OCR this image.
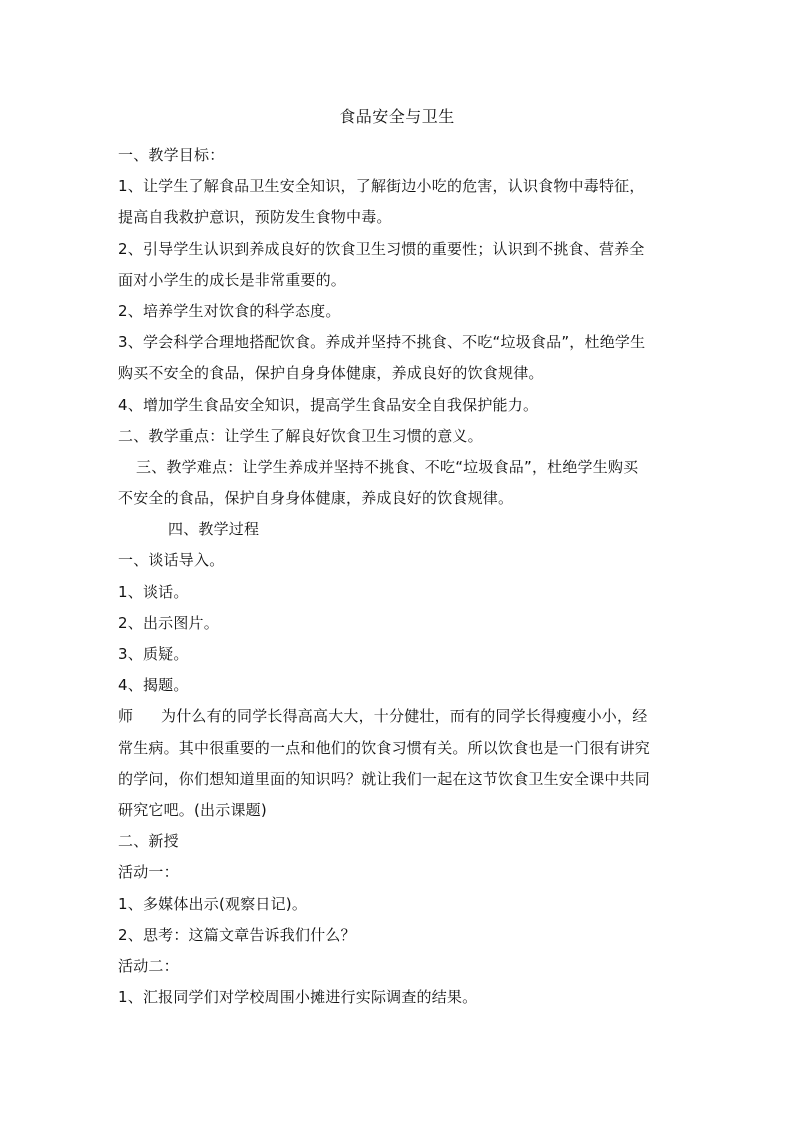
食品安全与卫生
一、教学目标：
1、让学生了解食品卫生安全知识，了解街边小吃的危害，认识食物中毒特征，
提高自我救护意识，预防发生食物中毒。
2、引导学生认识到养成良好的饮食卫生习惯的重要性；认识到不挑食、营养全
面对小学生的成长是非常重要的。
2、培养学生对饮食的科学态度。
3、学会科学合理地搭配饮食。养成并坚持不挑食、不吃“垃圾食品”，杜绝学生
购买不安全的食品，保护自身身体健康，养成良好的饮食规律。
4、增加学生食品安全知识，提高学生食品安全自我保护能力。
二、教学重点：让学生了解良好饮食卫生习惯的意义。
三、教学难点：让学生养成并坚持不挑食、不吃“垃圾食品”，杜绝学生购买
不安全的食品，保护自身身体健康，养成良好的饮食规律。
四、教学过程
一、谈话导入。
1、谈话。
2、出示图片。
3、质疑。
4、揭题。
师 为什么有的同学长得高高大大，十分健壮，而有的同学长得瘦瘦小小，经
常生病。其中很重要的一点和他们的饮食习惯有关。所以饮食也是一门很有讲究
的学问，你们想知道里面的知识吗？就让我们一起在这节饮食卫生安全课中共同
研究它吧。(出示课题)
二、新授
活动一：
1、多媒体出示(观察日记)。
2、思考：这篇文章告诉我们什么？
活动二：
1、汇报同学们对学校周围小摊进行实际调查的结果。
